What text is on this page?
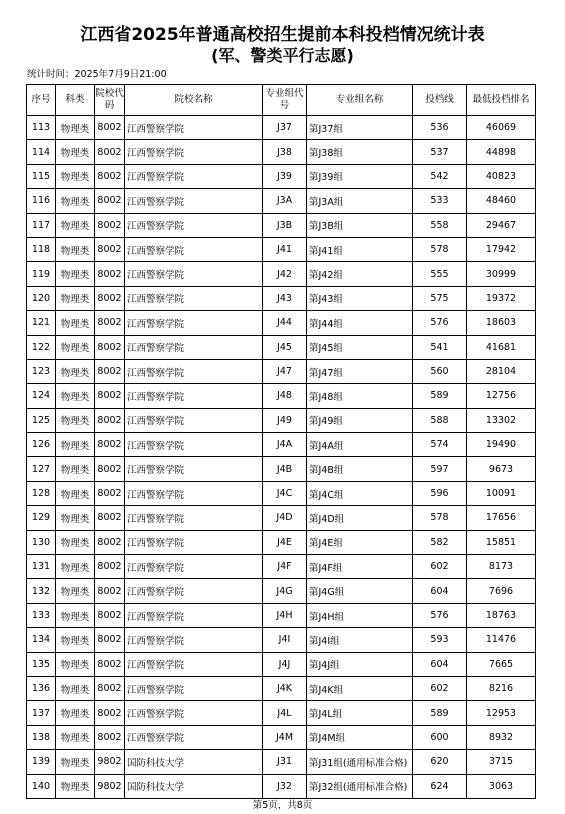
江西省2025年普通高校招生提前本科投档情况统计表
(军、警类平行志愿)
统计时间：2025年7月9日21:00
序号	科类	院校代码	院校名称	专业组代号	专业组名称	投档线	最低投档排名
113	物理类	8002	江西警察学院	J37	第J37组	536	46069
114	物理类	8002	江西警察学院	J38	第J38组	537	44898
115	物理类	8002	江西警察学院	J39	第J39组	542	40823
116	物理类	8002	江西警察学院	J3A	第J3A组	533	48460
117	物理类	8002	江西警察学院	J3B	第J3B组	558	29467
118	物理类	8002	江西警察学院	J41	第J41组	578	17942
119	物理类	8002	江西警察学院	J42	第J42组	555	30999
120	物理类	8002	江西警察学院	J43	第J43组	575	19372
121	物理类	8002	江西警察学院	J44	第J44组	576	18603
122	物理类	8002	江西警察学院	J45	第J45组	541	41681
123	物理类	8002	江西警察学院	J47	第J47组	560	28104
124	物理类	8002	江西警察学院	J48	第J48组	589	12756
125	物理类	8002	江西警察学院	J49	第J49组	588	13302
126	物理类	8002	江西警察学院	J4A	第J4A组	574	19490
127	物理类	8002	江西警察学院	J4B	第J4B组	597	9673
128	物理类	8002	江西警察学院	J4C	第J4C组	596	10091
129	物理类	8002	江西警察学院	J4D	第J4D组	578	17656
130	物理类	8002	江西警察学院	J4E	第J4E组	582	15851
131	物理类	8002	江西警察学院	J4F	第J4F组	602	8173
132	物理类	8002	江西警察学院	J4G	第J4G组	604	7696
133	物理类	8002	江西警察学院	J4H	第J4H组	576	18763
134	物理类	8002	江西警察学院	J4I	第J4I组	593	11476
135	物理类	8002	江西警察学院	J4J	第J4J组	604	7665
136	物理类	8002	江西警察学院	J4K	第J4K组	602	8216
137	物理类	8002	江西警察学院	J4L	第J4L组	589	12953
138	物理类	8002	江西警察学院	J4M	第J4M组	600	8932
139	物理类	9802	国防科技大学	J31	第J31组(通用标准合格)	620	3715
140	物理类	9802	国防科技大学	J32	第J32组(通用标准合格)	624	3063
第5页，共8页
